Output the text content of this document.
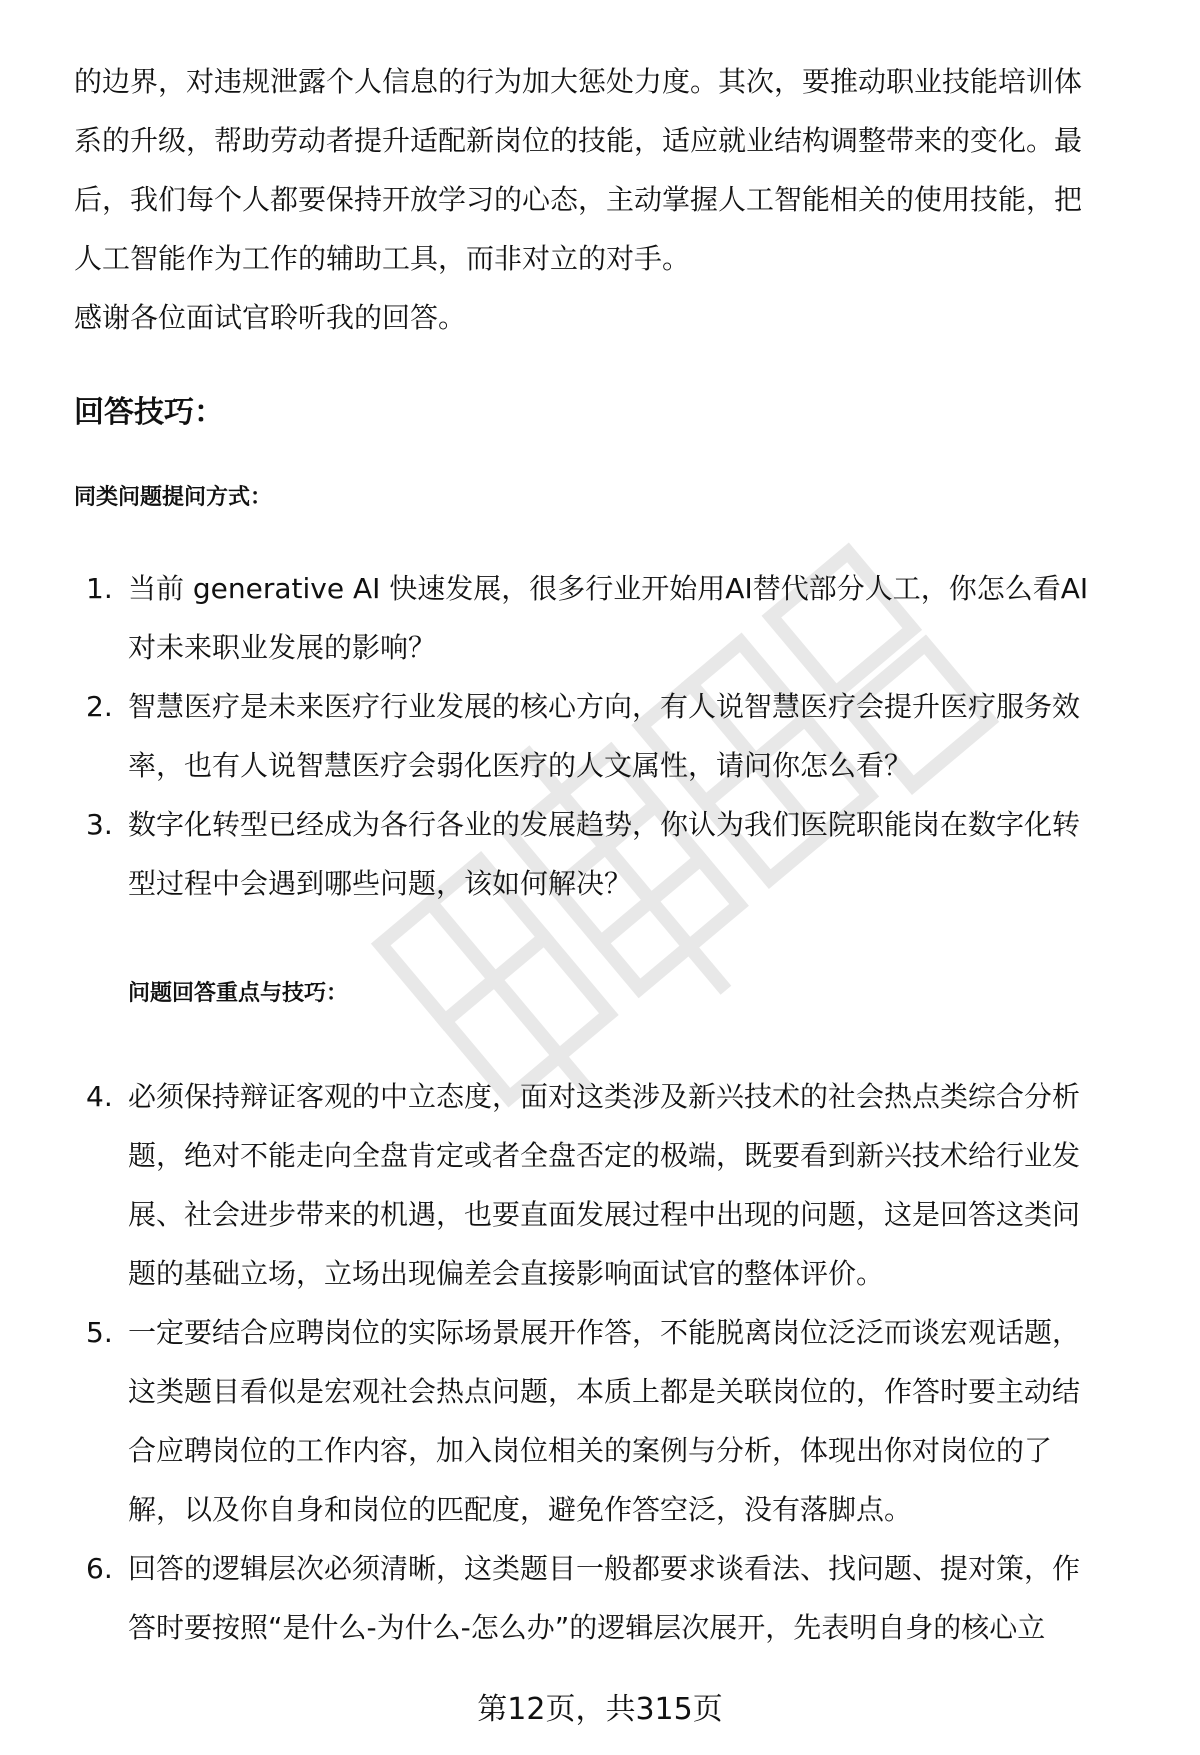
的边界，对违规泄露个人信息的行为加大惩处力度。其次，要推动职业技能培训体

系的升级，帮助劳动者提升适配新岗位的技能，适应就业结构调整带来的变化。最

后，我们每个人都要保持开放学习的心态，主动掌握人工智能相关的使用技能，把

人工智能作为工作的辅助工具，而非对立的对手。

感谢各位面试官聆听我的回答。

回答技巧：
同类问题提问方式：
1. 当前 generative AI 快速发展，很多行业开始用AI替代部分人工，你怎么看AI
对未来职业发展的影响？
2. 智慧医疗是未来医疗行业发展的核心方向，有人说智慧医疗会提升医疗服务效
率，也有人说智慧医疗会弱化医疗的人文属性，请问你怎么看？
3. 数字化转型已经成为各行各业的发展趋势，你认为我们医院职能岗在数字化转
型过程中会遇到哪些问题，该如何解决？
问题回答重点与技巧：
4. 必须保持辩证客观的中立态度，面对这类涉及新兴技术的社会热点类综合分析
题，绝对不能走向全盘肯定或者全盘否定的极端，既要看到新兴技术给行业发
展、社会进步带来的机遇，也要直面发展过程中出现的问题，这是回答这类问
题的基础立场，立场出现偏差会直接影响面试官的整体评价。
5. 一定要结合应聘岗位的实际场景展开作答，不能脱离岗位泛泛而谈宏观话题，
这类题目看似是宏观社会热点问题，本质上都是关联岗位的，作答时要主动结
合应聘岗位的工作内容，加入岗位相关的案例与分析，体现出你对岗位的了
解，以及你自身和岗位的匹配度，避免作答空泛，没有落脚点。
6. 回答的逻辑层次必须清晰，这类题目一般都要求谈看法、找问题、提对策，作
答时要按照“是什么-为什么-怎么办”的逻辑层次展开，先表明自身的核心立
第12页，共315页
